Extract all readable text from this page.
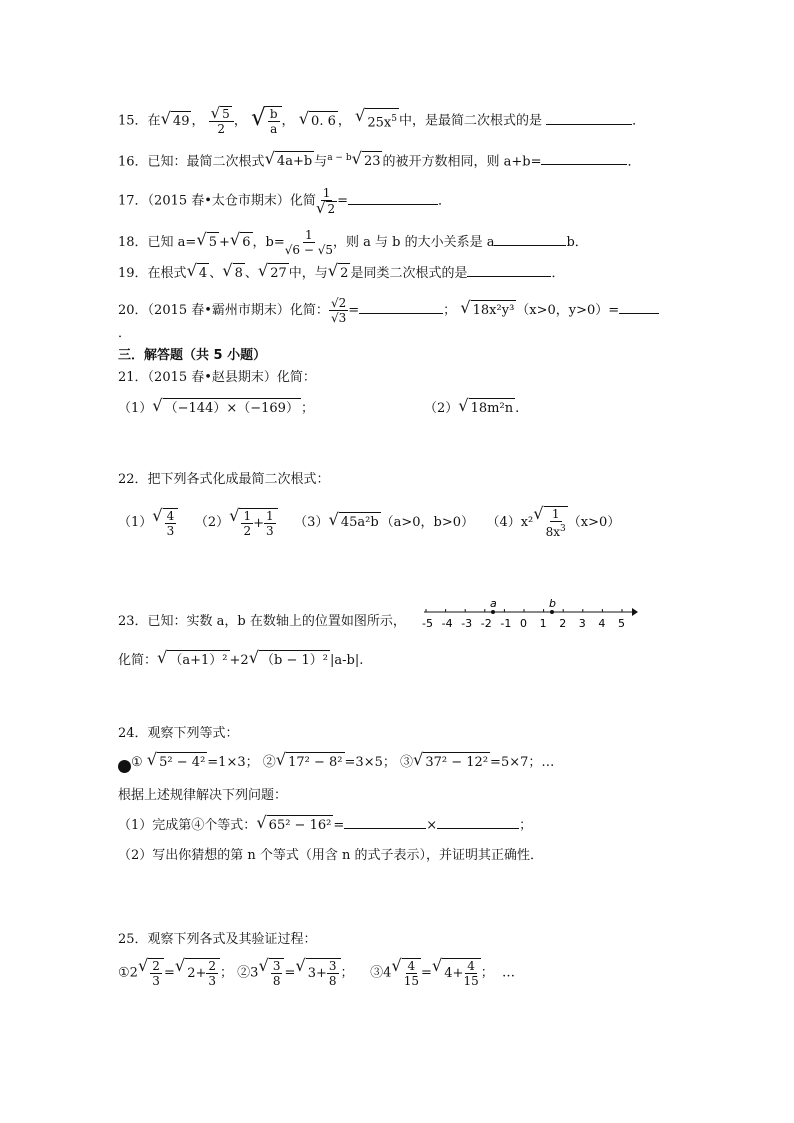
15．在 √ 49 ， $\frac{√ 5}{2}$ ， √ $\frac{b}{a}$ ， √ 0. 6 ， √ $25x^5$ 中，是最简二次根式的是	．
16．已知：最简二次根式 √ 4a+b 与$^{a - b}$ √ 23 的被开方数相同，则 a+b=	．
17．（2015 春•太仓市期末）化简 $\frac{1}{√ 2}$ =	．
18．已知 a= √ 5 + √ 6 ，$b= \frac{1}{√6 - √5}$ ，则 a 与 b 的大小关系是 a	b．
19．在根式 √ 4 、 √ 8 、 √ 27 中，与 √ 2 是同类二次根式的是	．
20．（2015 春•霸州市期末）化简： $\frac{√2}{√3}$ =	； √ 18x²y³ （x>0，y>0）=
．
三．解答题（共 5 小题）
21．（2015 春•赵县期末）化简：
（1） √ （−144）×（−169） ；	（2） √ 18m²n .
22．把下列各式化成最简二次根式：
（1） √ $\frac{4}{3} (2)$ √ $\frac{1}{2} + \frac{1}{3} (3)$ √ 45a²b （a>0，b>0） （4）x² √ $\frac{1}{8x^3} (x>0)$
23．已知：实数 a，b 在数轴上的位置如图所示， -5 -4 -3 -2 -1 0 1 2 3 4 5
a	b
化简： √ （a+1）² +2 √ （b − 1）² |a-b|.
24．观察下列等式：
① √ 5² − 4² =1×3； ② √ 17² − 8² =3×5； ③ √ 37² − 12² =5×7；…
根据上述规律解决下列问题：
（1）完成第④个等式： √ 65² − 16² =	×	；
（2）写出你猜想的第 n 个等式（用含 n 的式子表示），并证明其正确性．
25．观察下列各式及其验证过程：
①2 √ $\frac{2}{3}$ = √ $2+ \frac{2}{3}$ ； ②3 √ $\frac{3}{8}$ = √ $3+ \frac{3}{8}$ ；    ③4 √ $\frac{4}{15}$ = √ $4+ \frac{4}{15}$ ；  …
